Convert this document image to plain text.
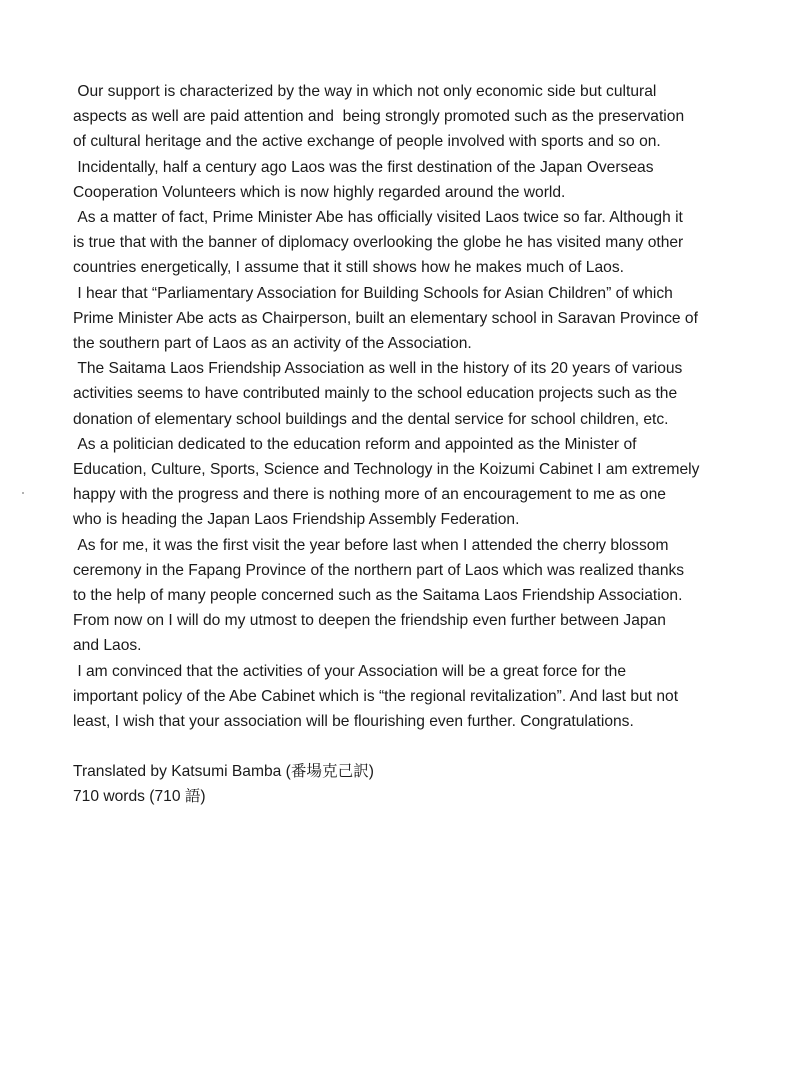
Our support is characterized by the way in which not only economic side but cultural

aspects as well are paid attention and  being strongly promoted such as the preservation

of cultural heritage and the active exchange of people involved with sports and so on.

Incidentally, half a century ago Laos was the first destination of the Japan Overseas

Cooperation Volunteers which is now highly regarded around the world.

As a matter of fact, Prime Minister Abe has officially visited Laos twice so far. Although it

is true that with the banner of diplomacy overlooking the globe he has visited many other

countries energetically, I assume that it still shows how he makes much of Laos.

I hear that “Parliamentary Association for Building Schools for Asian Children” of which

Prime Minister Abe acts as Chairperson, built an elementary school in Saravan Province of

the southern part of Laos as an activity of the Association.

The Saitama Laos Friendship Association as well in the history of its 20 years of various

activities seems to have contributed mainly to the school education projects such as the

donation of elementary school buildings and the dental service for school children, etc.

As a politician dedicated to the education reform and appointed as the Minister of

Education, Culture, Sports, Science and Technology in the Koizumi Cabinet I am extremely

happy with the progress and there is nothing more of an encouragement to me as one

who is heading the Japan Laos Friendship Assembly Federation.

As for me, it was the first visit the year before last when I attended the cherry blossom

ceremony in the Fapang Province of the northern part of Laos which was realized thanks

to the help of many people concerned such as the Saitama Laos Friendship Association.

From now on I will do my utmost to deepen the friendship even further between Japan

and Laos.

I am convinced that the activities of your Association will be a great force for the

important policy of the Abe Cabinet which is “the regional revitalization”. And last but not

least, I wish that your association will be flourishing even further. Congratulations.

Translated by Katsumi Bamba (番場克己訳)

710 words (710 語)
